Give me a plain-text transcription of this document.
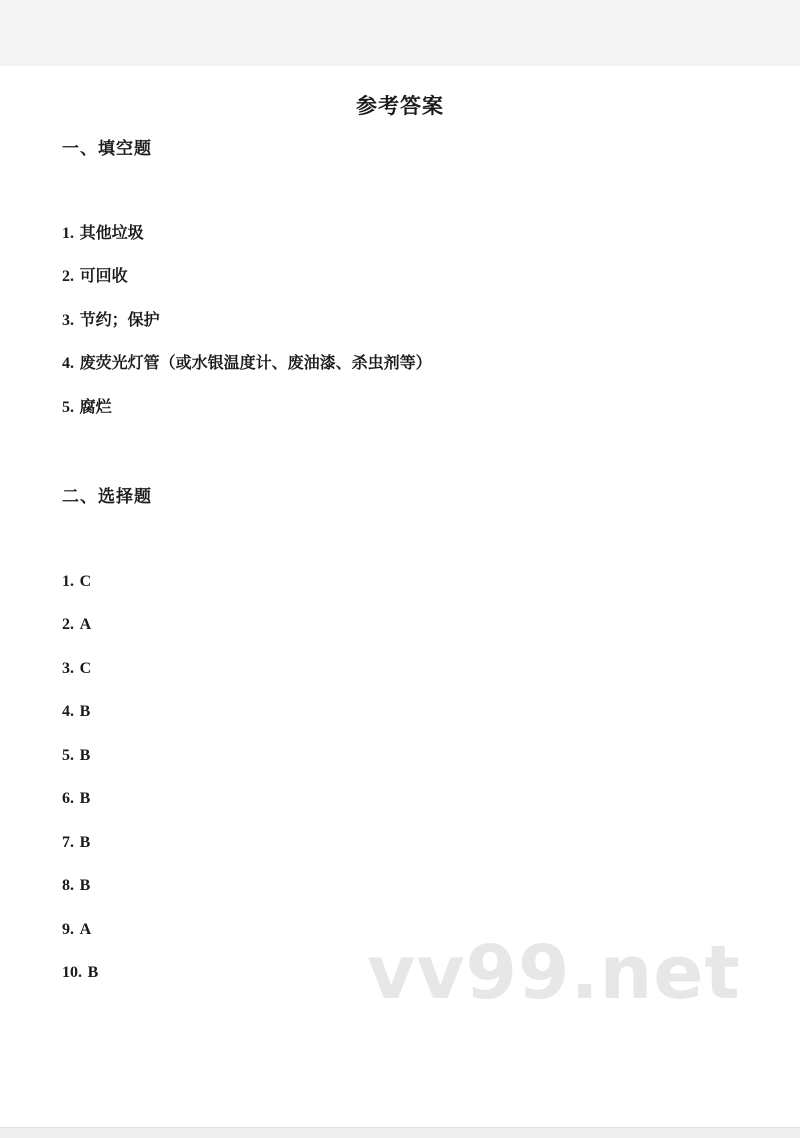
参考答案
一、填空题
1. 其他垃圾
2. 可回收
3. 节约；保护
4. 废荧光灯管（或水银温度计、废油漆、杀虫剂等）
5. 腐烂
二、选择题
1. C
2. A
3. C
4. B
5. B
6. B
7. B
8. B
9. A
10. B	vv99.net
